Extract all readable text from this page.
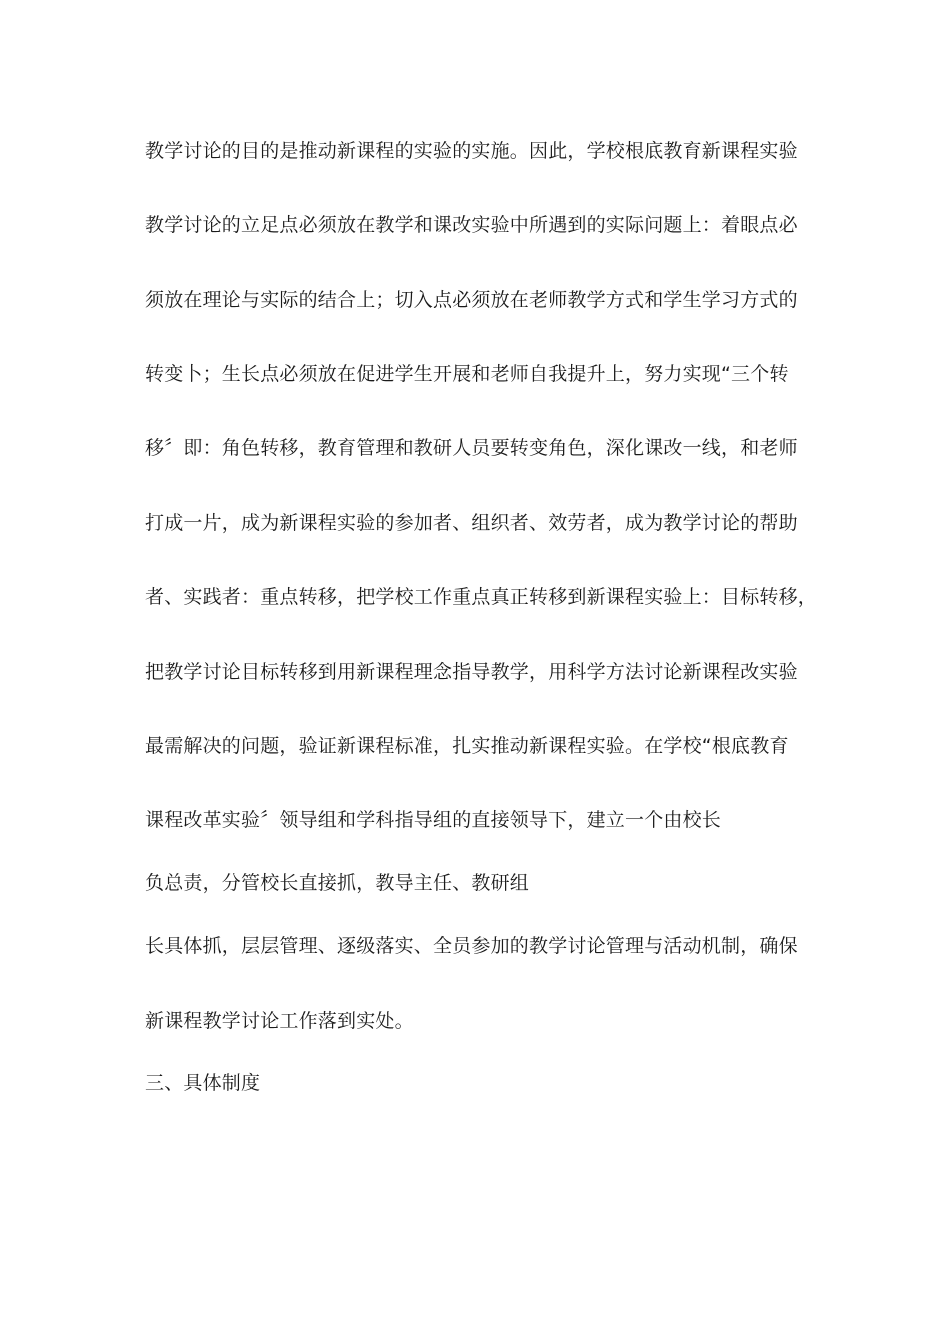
教学讨论的目的是推动新课程的实验的实施。因此，学校根底教育新课程实验
教学讨论的立足点必须放在教学和课改实验中所遇到的实际问题上：着眼点必
须放在理论与实际的结合上；切入点必须放在老师教学方式和学生学习方式的
转变卜；生长点必须放在促进学生开展和老师自我提升上，努力实现“三个转
移〞即：角色转移，教育管理和教研人员要转变角色，深化课改一线，和老师
打成一片，成为新课程实验的参加者、组织者、效劳者，成为教学讨论的帮助
者、实践者：重点转移，把学校工作重点真正转移到新课程实验上：目标转移，
把教学讨论目标转移到用新课程理念指导教学，用科学方法讨论新课程改实验
最需解决的问题，验证新课程标准，扎实推动新课程实验。在学校“根底教育
课程改革实验〞领导组和学科指导组的直接领导下，建立一个由校长
负总责，分管校长直接抓，教导主任、教研组
长具体抓，层层管理、逐级落实、全员参加的教学讨论管理与活动机制，确保
新课程教学讨论工作落到实处。
三、具体制度
